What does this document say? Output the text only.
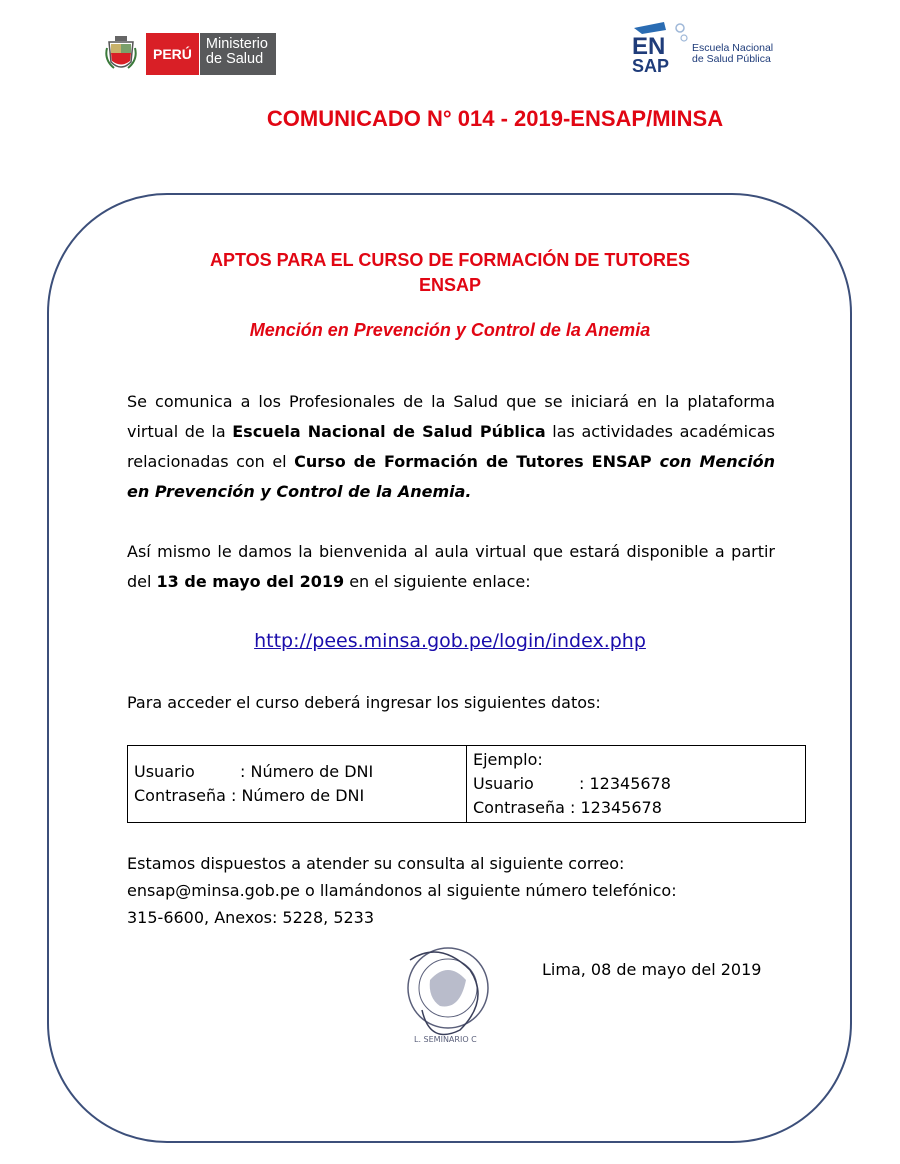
PERÚ
Ministerio
de Salud	EN
SAP
Escuela Nacional
de Salud Pública
COMUNICADO N° 014 - 2019-ENSAP/MINSA
APTOS PARA EL CURSO DE FORMACIÓN DE TUTORES
ENSAP
Mención en Prevención y Control de la Anemia
Se comunica a los Profesionales de la Salud que se iniciará en la plataforma virtual de la Escuela Nacional de Salud Pública las actividades académicas relacionadas con el Curso de Formación de Tutores ENSAP con Mención en Prevención y Control de la Anemia.
Así mismo le damos la bienvenida al aula virtual que estará disponible a partir del 13 de mayo del 2019 en el siguiente enlace:
http://pees.minsa.gob.pe/login/index.php
Para acceder el curso deberá ingresar los siguientes datos:
Usuario	: Número de DNI
Contraseña : Número de DNI

Ejemplo:
Usuario	: 12345678
Contraseña : 12345678
Estamos dispuestos a atender su consulta al siguiente correo:
ensap@minsa.gob.pe o llamándonos al siguiente número telefónico:
315-6600, Anexos: 5228, 5233
L. SEMINARIO C
Lima, 08 de mayo del 2019
